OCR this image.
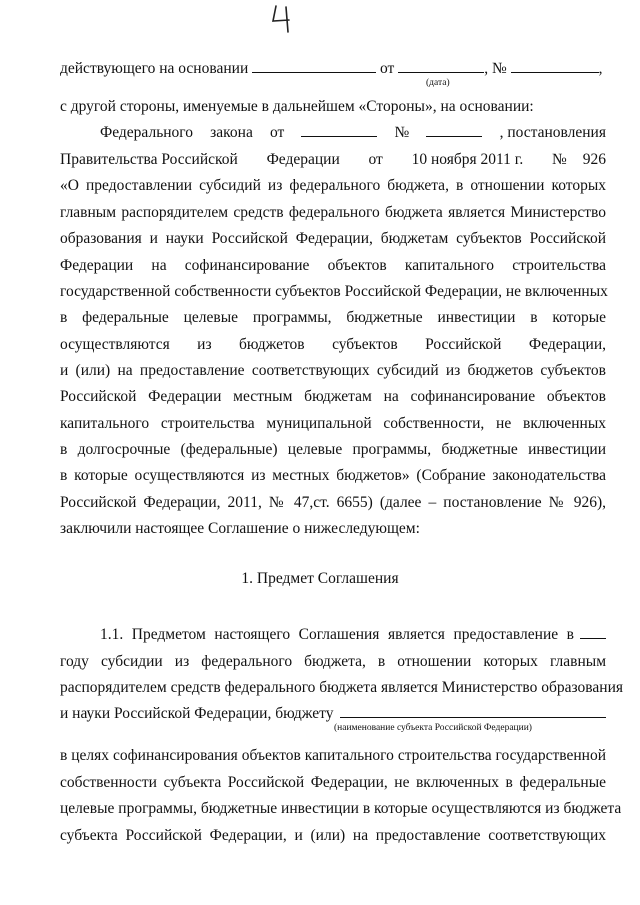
действующего на основании	от	, №	,
(дата)
с другой стороны, именуемые в дальнейшем «Стороны», на основании:
Федерального закона от	№	, постановления
Правительства Российской Федерации от 10 ноября 2011 г. № 926
«О предоставлении субсидий из федерального бюджета, в отношении которых
главным распорядителем средств федерального бюджета является Министерство
образования и науки Российской Федерации, бюджетам субъектов Российской
Федерации на софинансирование объектов капитального строительства
государственной собственности субъектов Российской Федерации, не включенных
в федеральные целевые программы, бюджетные инвестиции в которые
осуществляются из бюджетов субъектов Российской Федерации,
и (или) на предоставление соответствующих субсидий из бюджетов субъектов
Российской Федерации местным бюджетам на софинансирование объектов
капитального строительства муниципальной собственности, не включенных
в долгосрочные (федеральные) целевые программы, бюджетные инвестиции
в которые осуществляются из местных бюджетов» (Собрание законодательства
Российской Федерации, 2011, № 47,ст. 6655) (далее – постановление № 926),
заключили настоящее Соглашение о нижеследующем:
1. Предмет Соглашения
1.1. Предметом настоящего Соглашения является предоставление в
году субсидии из федерального бюджета, в отношении которых главным
распорядителем средств федерального бюджета является Министерство образования
и науки Российской Федерации, бюджету
(наименование субъекта Российской Федерации)
в целях софинансирования объектов капитального строительства государственной
собственности субъекта Российской Федерации, не включенных в федеральные
целевые программы, бюджетные инвестиции в которые осуществляются из бюджета
субъекта Российской Федерации, и (или) на предоставление соответствующих
